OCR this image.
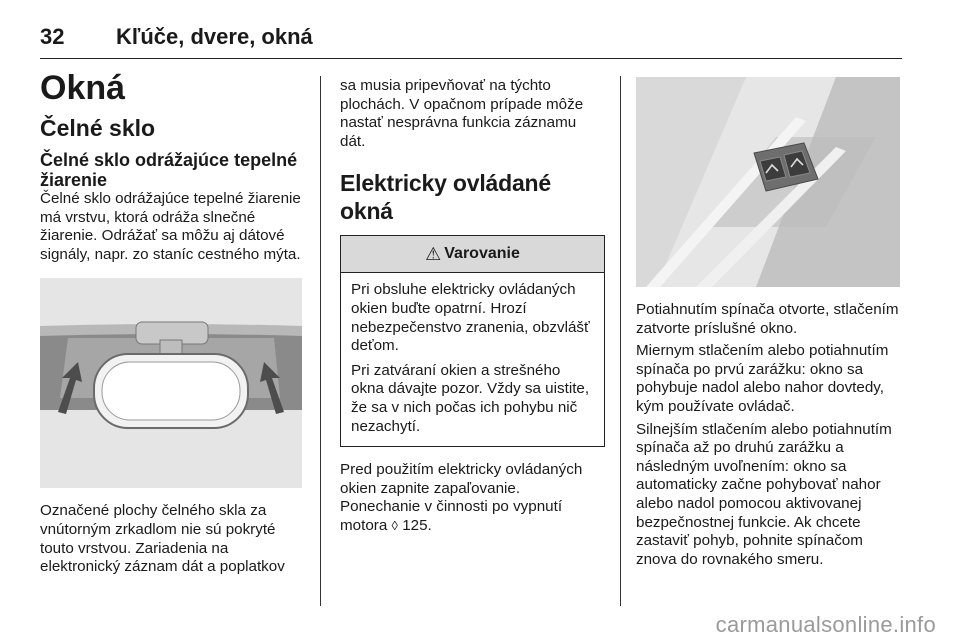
32 Kľúče, dvere, okná
Okná
Čelné sklo
Čelné sklo odrážajúce tepelné žiarenie

Čelné sklo odrážajúce tepelné žiarenie má vrstvu, ktorá odráža slnečné žiarenie. Odrážať sa môžu aj dátové signály, napr. zo staníc cestného mýta.

Označené plochy čelného skla za vnútorným zrkadlom nie sú pokryté touto vrstvou. Zariadenia na elektronický záznam dát a poplatkov

sa musia pripevňovať na týchto plochách. V opačnom prípade môže nastať nesprávna funkcia záznamu dát.

Elektricky ovládané okná
⚠ Varovanie

Pri obsluhe elektricky ovládaných okien buďte opatrní. Hrozí nebezpečenstvo zranenia, obzvlášť deťom.

Pri zatváraní okien a strešného okna dávajte pozor. Vždy sa uistite, že sa v nich počas ich pohybu nič nezachytí.

Pred použitím elektricky ovládaných okien zapnite zapaľovanie.

Ponechanie v činnosti po vypnutí motora ◊ 125.

Potiahnutím spínača otvorte, stlačením zatvorte príslušné okno.

Miernym stlačením alebo potiahnutím spínača po prvú zarážku: okno sa pohybuje nadol alebo nahor dovtedy, kým používate ovládač.

Silnejším stlačením alebo potiahnutím spínača až po druhú zarážku a následným uvoľnením: okno sa automaticky začne pohybovať nahor alebo nadol pomocou aktivovanej bezpečnostnej funkcie. Ak chcete zastaviť pohyb, pohnite spínačom znova do rovnakého smeru.

carmanualsonline.info
